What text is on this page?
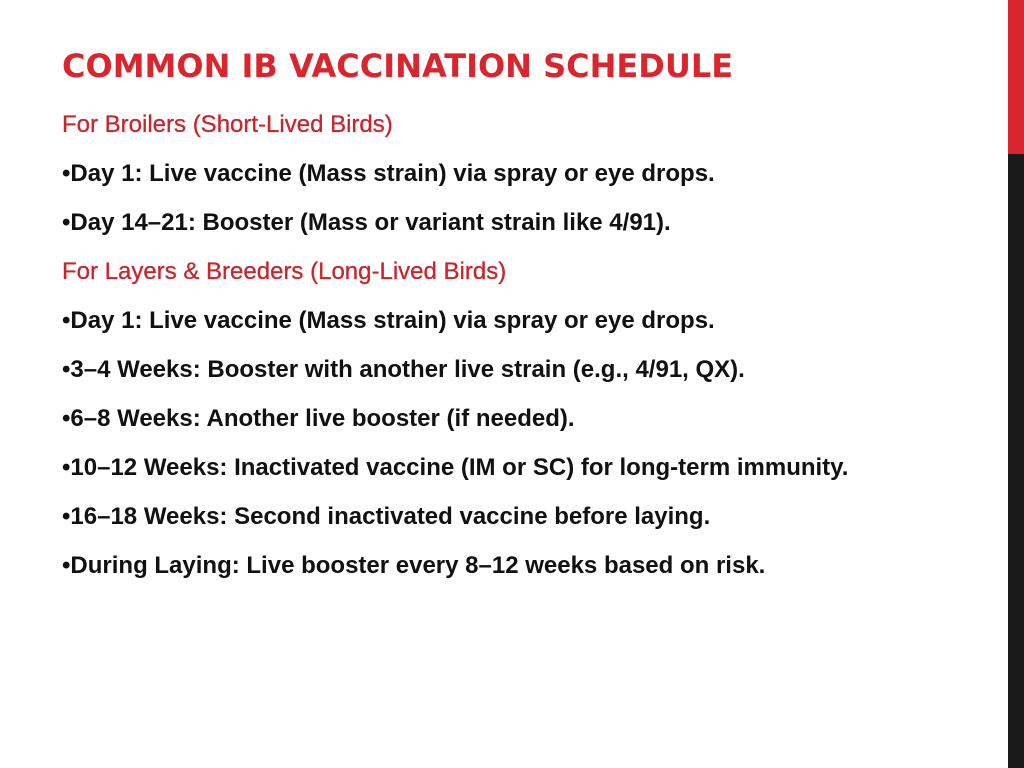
COMMON IB VACCINATION SCHEDULE

For Broilers (Short-Lived Birds)

•Day 1: Live vaccine (Mass strain) via spray or eye drops.

•Day 14–21: Booster (Mass or variant strain like 4/91).

For Layers & Breeders (Long-Lived Birds)

•Day 1: Live vaccine (Mass strain) via spray or eye drops.

•3–4 Weeks: Booster with another live strain (e.g., 4/91, QX).

•6–8 Weeks: Another live booster (if needed).

•10–12 Weeks: Inactivated vaccine (IM or SC) for long-term immunity.

•16–18 Weeks: Second inactivated vaccine before laying.

•During Laying: Live booster every 8–12 weeks based on risk.
